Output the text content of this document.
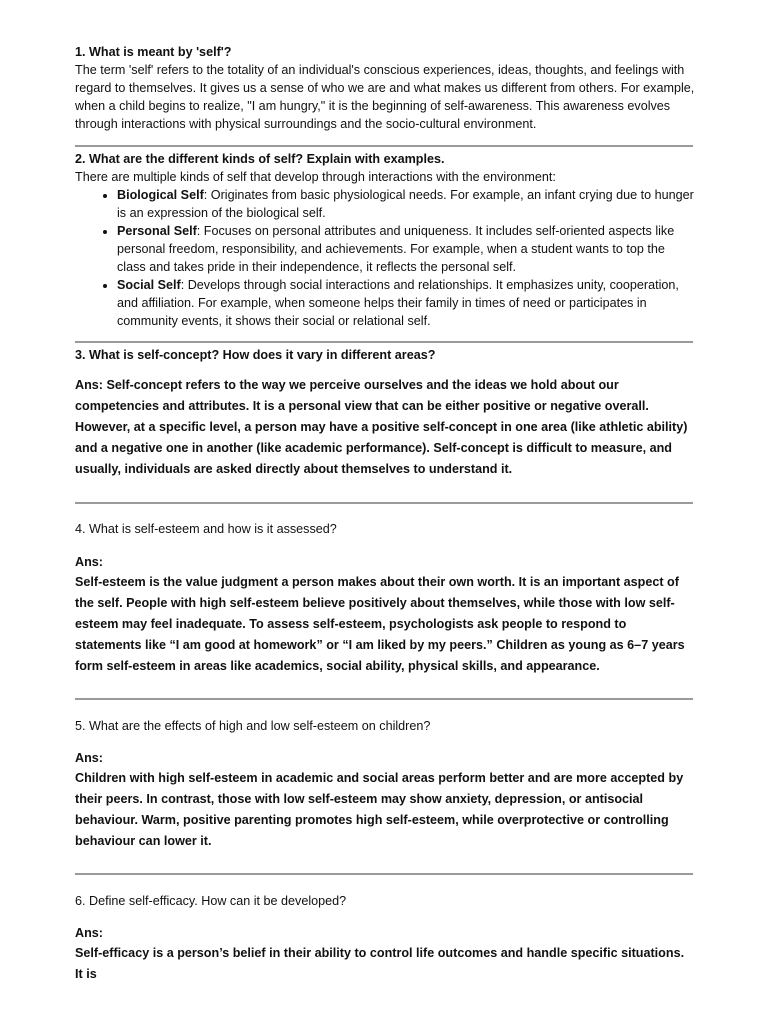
1. What is meant by 'self'?

The term 'self' refers to the totality of an individual's conscious experiences, ideas, thoughts, and feelings with regard to themselves. It gives us a sense of who we are and what makes us different from others. For example, when a child begins to realize, "I am hungry," it is the beginning of self-awareness. This awareness evolves through interactions with physical surroundings and the socio-cultural environment.

2. What are the different kinds of self? Explain with examples.

There are multiple kinds of self that develop through interactions with the environment:

• Biological Self: Originates from basic physiological needs. For example, an infant crying due to hunger is an expression of the biological self.
• Personal Self: Focuses on personal attributes and uniqueness. It includes self-oriented aspects like personal freedom, responsibility, and achievements. For example, when a student wants to top the class and takes pride in their independence, it reflects the personal self.
• Social Self: Develops through social interactions and relationships. It emphasizes unity, cooperation, and affiliation. For example, when someone helps their family in times of need or participates in community events, it shows their social or relational self.

3. What is self-concept? How does it vary in different areas?

Ans: Self-concept refers to the way we perceive ourselves and the ideas we hold about our competencies and attributes. It is a personal view that can be either positive or negative overall. However, at a specific level, a person may have a positive self-concept in one area (like athletic ability) and a negative one in another (like academic performance). Self-concept is difficult to measure, and usually, individuals are asked directly about themselves to understand it.

4. What is self-esteem and how is it assessed?

Ans:

Self-esteem is the value judgment a person makes about their own worth. It is an important aspect of the self. People with high self-esteem believe positively about themselves, while those with low self-esteem may feel inadequate. To assess self-esteem, psychologists ask people to respond to statements like “I am good at homework” or “I am liked by my peers.” Children as young as 6–7 years form self-esteem in areas like academics, social ability, physical skills, and appearance.

5. What are the effects of high and low self-esteem on children?

Ans:

Children with high self-esteem in academic and social areas perform better and are more accepted by their peers. In contrast, those with low self-esteem may show anxiety, depression, or antisocial behaviour. Warm, positive parenting promotes high self-esteem, while overprotective or controlling behaviour can lower it.

6. Define self-efficacy. How can it be developed?

Ans:

Self-efficacy is a person’s belief in their ability to control life outcomes and handle specific situations. It is
